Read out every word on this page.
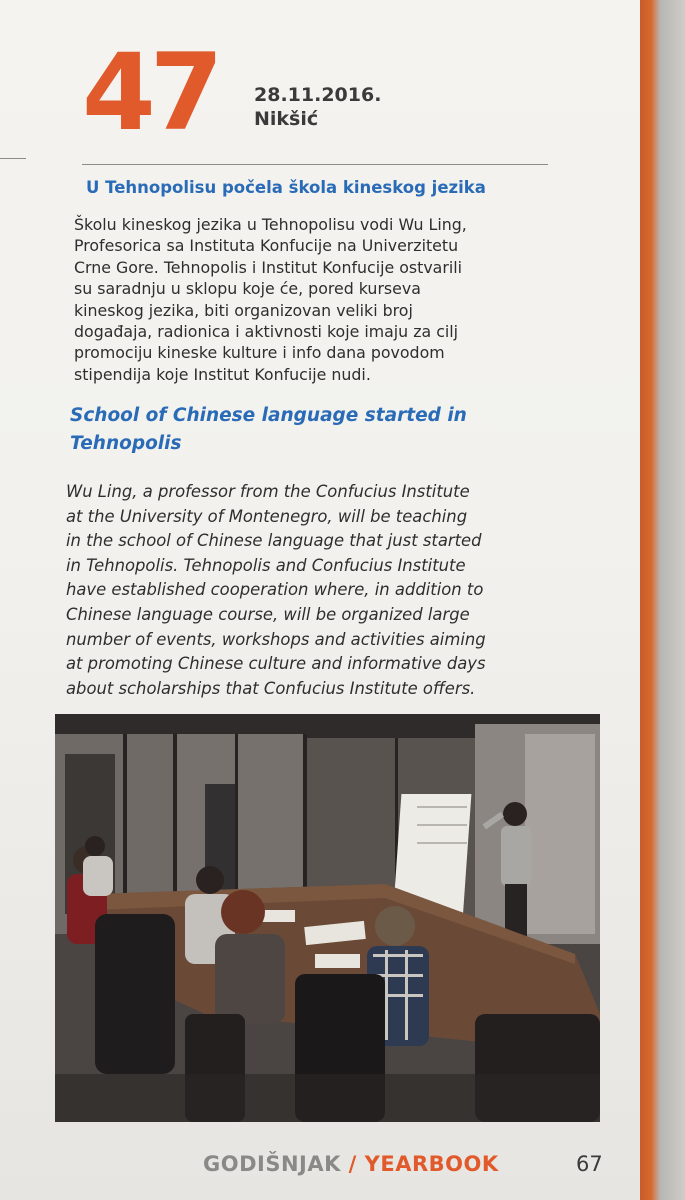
47 28.11.2016.
Nikšić
U Tehnopolisu počela škola kineskog jezika
Školu kineskog jezika u Tehnopolisu vodi Wu Ling,
Profesorica sa Instituta Konfucije na Univerzitetu
Crne Gore. Tehnopolis i Institut Konfucije ostvarili
su saradnju u sklopu koje će, pored kurseva
kineskog jezika, biti organizovan veliki broj
događaja, radionica i aktivnosti koje imaju za cilj
promociju kineske kulture i info dana povodom
stipendija koje Institut Konfucije nudi.
School of Chinese language started in
Tehnopolis
Wu Ling, a professor from the Confucius Institute
at the University of Montenegro, will be teaching
in the school of Chinese language that just started
in Tehnopolis. Tehnopolis and Confucius Institute
have established cooperation where, in addition to
Chinese language course, will be organized large
number of events, workshops and activities aiming
at promoting Chinese culture and informative days
about scholarships that Confucius Institute offers.
GODIŠNJAK / YEARBOOK	67
